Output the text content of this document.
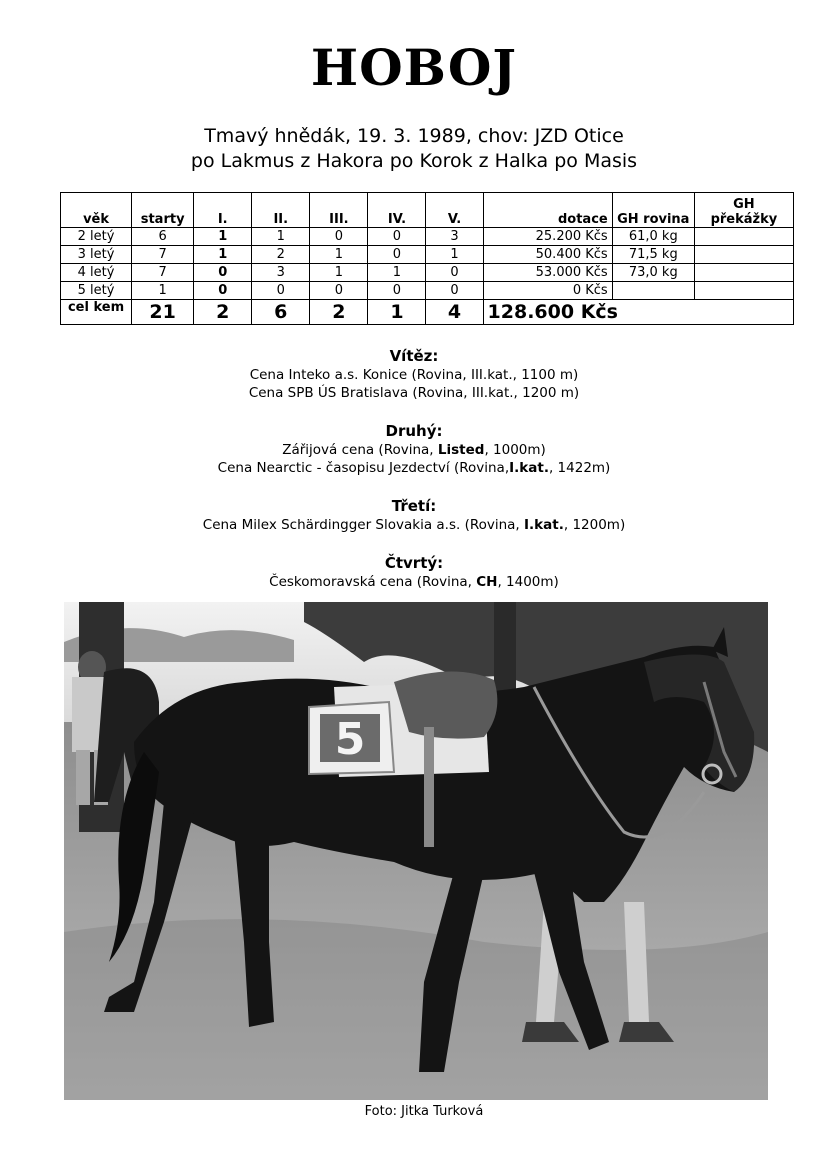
HOBOJ
Tmavý hnědák, 19. 3. 1989, chov: JZD Otice
po Lakmus z Hakora po Korok z Halka po Masis
věk	starty	I.	II.	III.	IV.	V.	dotace	GH rovina	GH překážky
2 letý	6	1	1	0	0	3	25.200 Kčs	61,0 kg	
3 letý	7	1	2	1	0	1	50.400 Kčs	71,5 kg	
4 letý	7	0	3	1	1	0	53.000 Kčs	73,0 kg	
5 letý	1	0	0	0	0	0	0 Kčs		
cel kem	21	2	6	2	1	4	128.600 Kčs		
Vítěz:

Cena Inteko a.s. Konice (Rovina, III.kat., 1100 m)

Cena SPB ÚS Bratislava (Rovina, III.kat., 1200 m)

Druhý:

Zářijová cena (Rovina, Listed, 1000m)

Cena Nearctic - časopisu Jezdectví (Rovina,I.kat., 1422m)

Třetí:

Cena Milex Schärdingger Slovakia a.s. (Rovina, I.kat., 1200m)

Čtvrtý:

Českomoravská cena (Rovina, CH, 1400m)

5
Foto: Jitka Turková
